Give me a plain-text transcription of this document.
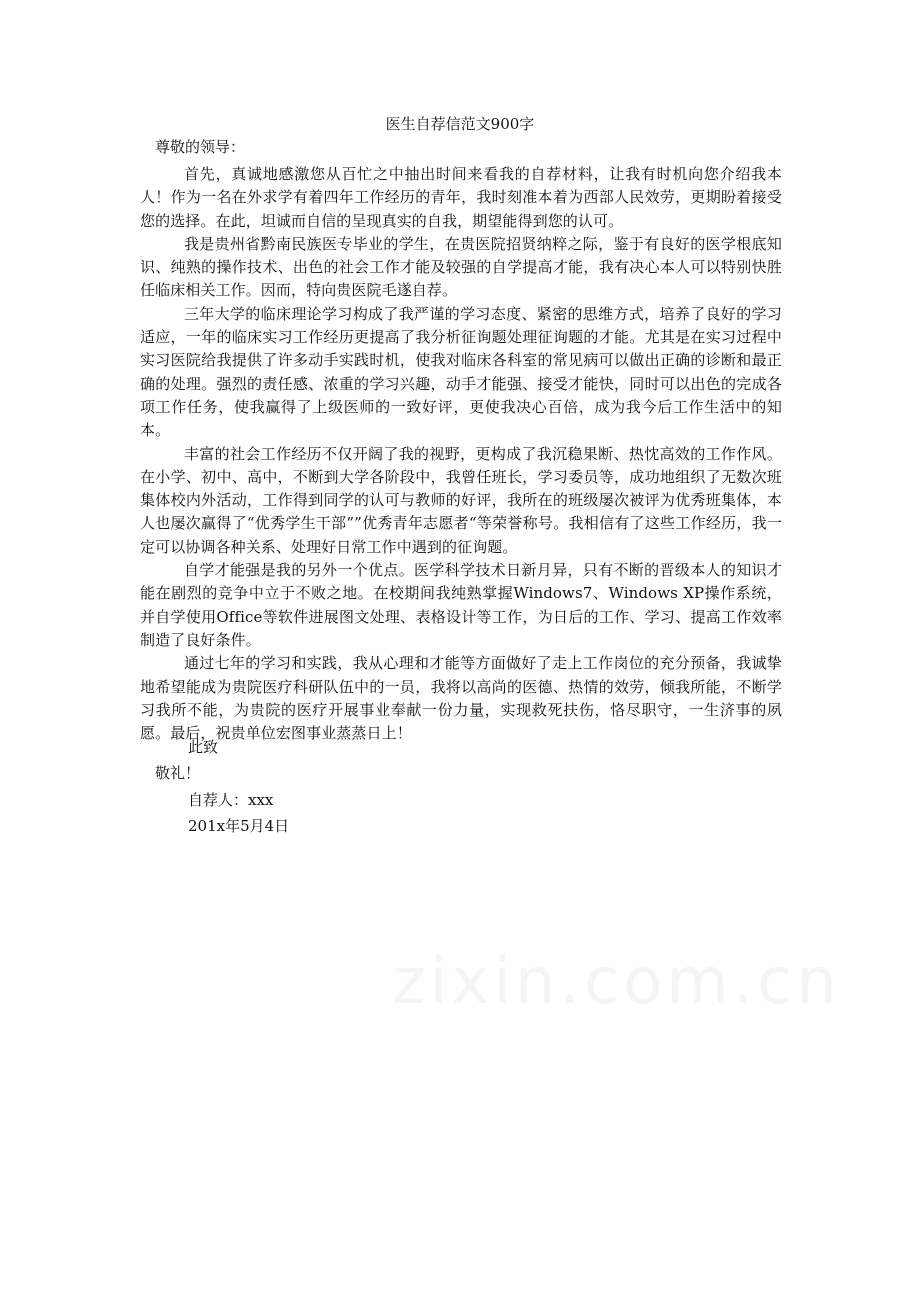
医生自荐信范文900字
尊敬的领导：

首先，真诚地感激您从百忙之中抽出时间来看我的自荐材料，让我有时机向您介绍我本人！作为一名在外求学有着四年工作经历的青年，我时刻准本着为西部人民效劳，更期盼着接受您的选择。在此，坦诚而自信的呈现真实的自我，期望能得到您的认可。

我是贵州省黔南民族医专毕业的学生，在贵医院招贤纳粹之际，鉴于有良好的医学根底知识、纯熟的操作技术、出色的社会工作才能及较强的自学提高才能，我有决心本人可以特别快胜任临床相关工作。因而，特向贵医院毛遂自荐。

三年大学的临床理论学习构成了我严谨的学习态度、紧密的思维方式，培养了良好的学习适应，一年的临床实习工作经历更提高了我分析征询题处理征询题的才能。尤其是在实习过程中实习医院给我提供了许多动手实践时机，使我对临床各科室的常见病可以做出正确的诊断和最正确的处理。强烈的责任感、浓重的学习兴趣，动手才能强、接受才能快，同时可以出色的完成各项工作任务，使我赢得了上级医师的一致好评，更使我决心百倍，成为我今后工作生活中的知本。

丰富的社会工作经历不仅开阔了我的视野，更构成了我沉稳果断、热忱高效的工作作风。在小学、初中、高中，不断到大学各阶段中，我曾任班长，学习委员等，成功地组织了无数次班集体校内外活动，工作得到同学的认可与教师的好评，我所在的班级屡次被评为优秀班集体，本人也屡次赢得了“优秀学生干部””优秀青年志愿者“等荣誉称号。我相信有了这些工作经历，我一定可以协调各种关系、处理好日常工作中遇到的征询题。

自学才能强是我的另外一个优点。医学科学技术日新月异，只有不断的晋级本人的知识才能在剧烈的竞争中立于不败之地。在校期间我纯熟掌握Windows7、Windows XP操作系统，并自学使用Office等软件进展图文处理、表格设计等工作，为日后的工作、学习、提高工作效率制造了良好条件。

通过七年的学习和实践，我从心理和才能等方面做好了走上工作岗位的充分预备，我诚挚地希望能成为贵院医疗科研队伍中的一员，我将以高尚的医德、热情的效劳，倾我所能，不断学习我所不能，为贵院的医疗开展事业奉献一份力量，实现救死扶伤，恪尽职守，一生济事的夙愿。最后，祝贵单位宏图事业蒸蒸日上！

此致
敬礼！
自荐人：xxx
201x年5月4日
zixin.com.cn
